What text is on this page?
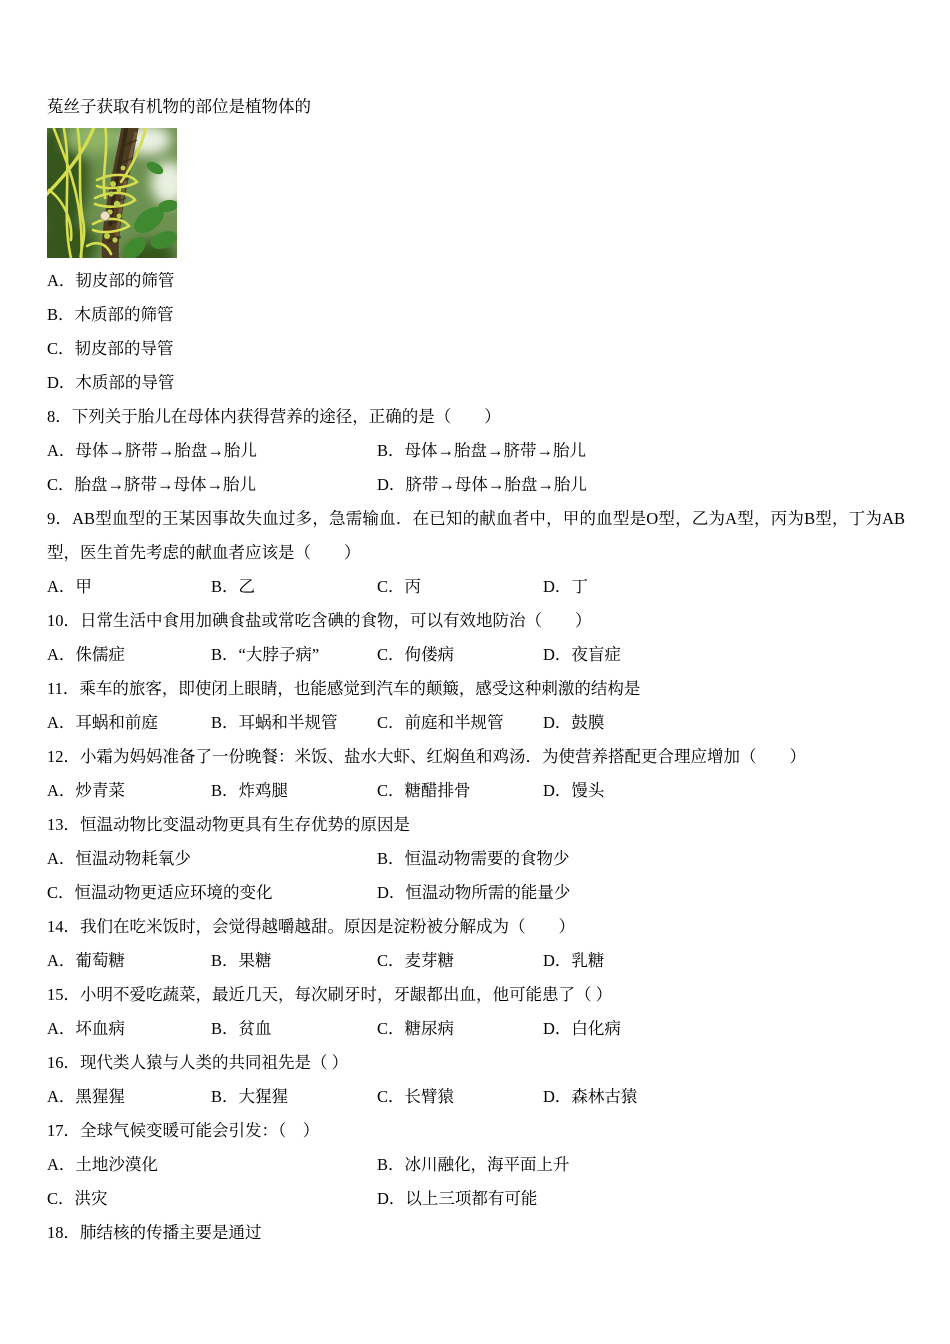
菟丝子获取有机物的部位是植物体的

A．韧皮部的筛管

B．木质部的筛管

C．韧皮部的导管

D．木质部的导管

8．下列关于胎儿在母体内获得营养的途径，正确的是（　　）

A．母体→脐带→胎盘→胎儿	B．母体→胎盘→脐带→胎儿
C．胎盘→脐带→母体→胎儿	D．脐带→母体→胎盘→胎儿

9．AB型血型的王某因事故失血过多，急需输血．在已知的献血者中，甲的血型是O型，乙为A型，丙为B型，丁为AB型，医生首先考虑的献血者应该是（　　）

A．甲	B．乙	C．丙	D．丁

10．日常生活中食用加碘食盐或常吃含碘的食物，可以有效地防治（　　）

A．侏儒症	B．“大脖子病”	C．佝偻病	D．夜盲症

11．乘车的旅客，即使闭上眼睛，也能感觉到汽车的颠簸，感受这种刺激的结构是

A．耳蜗和前庭	B．耳蜗和半规管	C．前庭和半规管	D．鼓膜

12．小霜为妈妈准备了一份晚餐：米饭、盐水大虾、红焖鱼和鸡汤．为使营养搭配更合理应增加（　　）

A．炒青菜	B．炸鸡腿	C．糖醋排骨	D．馒头

13．恒温动物比变温动物更具有生存优势的原因是

A．恒温动物耗氧少	B．恒温动物需要的食物少
C．恒温动物更适应环境的变化	D．恒温动物所需的能量少

14．我们在吃米饭时，会觉得越嚼越甜。原因是淀粉被分解成为（　　）

A．葡萄糖	B．果糖	C．麦芽糖	D．乳糖

15．小明不爱吃蔬菜，最近几天，每次刷牙时，牙龈都出血，他可能患了（ ）

A．坏血病	B．贫血	C．糖尿病	D．白化病

16．现代类人猿与人类的共同祖先是（ ）

A．黑猩猩	B．大猩猩	C．长臂猿	D．森林古猿

17．全球气候变暖可能会引发：（　）

A．土地沙漠化	B．冰川融化，海平面上升
C．洪灾	D．以上三项都有可能

18．肺结核的传播主要是通过
